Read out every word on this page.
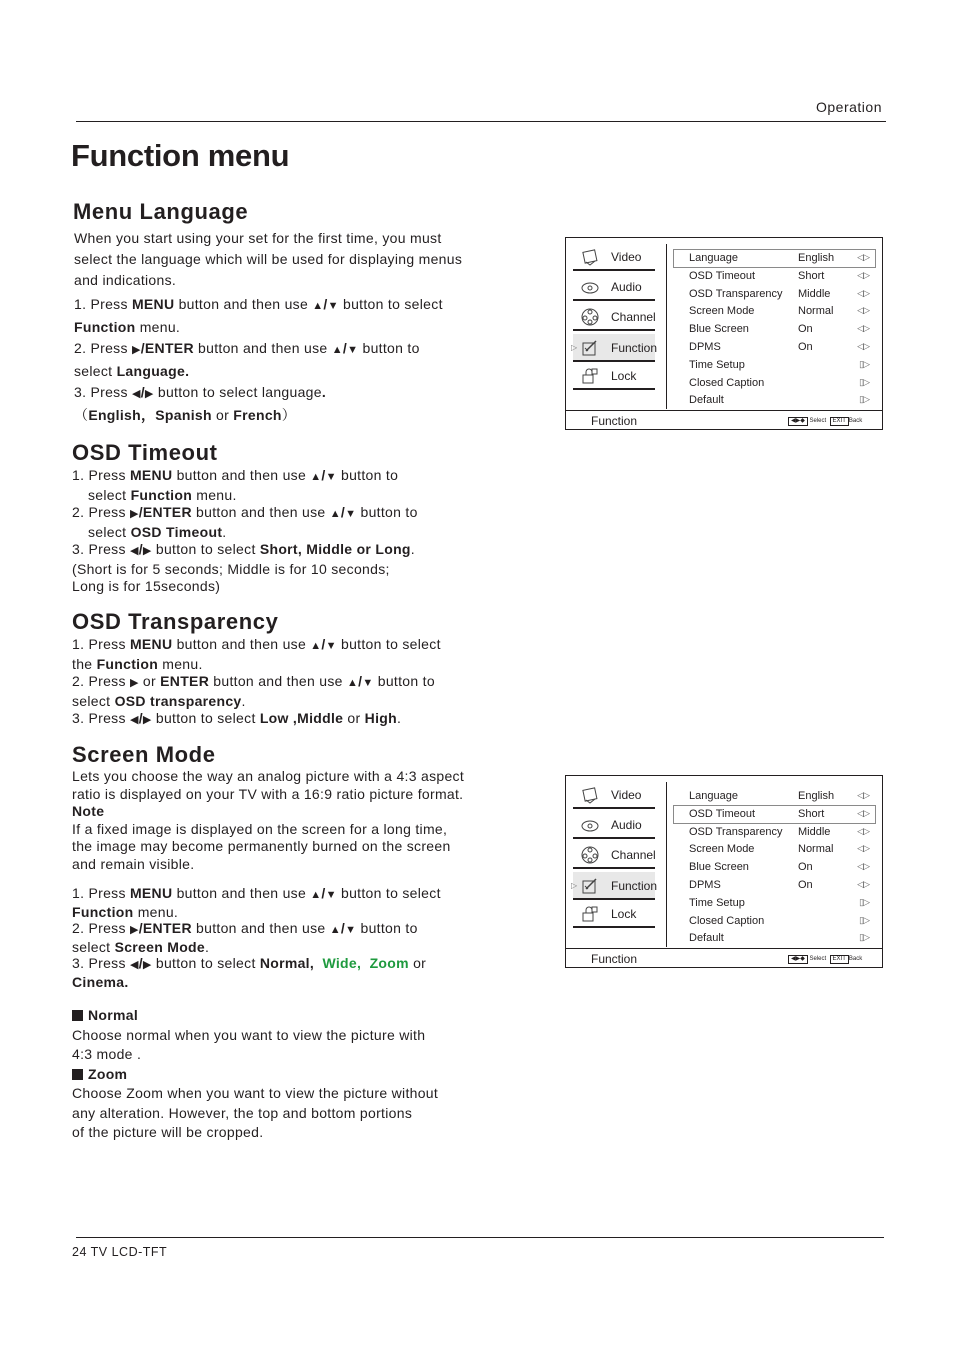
Operation
Function menu
Menu Language

When you start using your set for the first time, you must

select the language which will be used for displaying menus

and indications.

1. Press MENU button and then use ▲/▼ button to select

Function menu.

2. Press ▶/ENTER button and then use ▲/▼ button to

select Language.

3. Press ◀/▶ button to select language.

（English，Spanish or French）

OSD Timeout

1. Press MENU button and then use ▲/▼ button to

select Function menu.

2. Press ▶/ENTER button and then use ▲/▼ button to

select OSD Timeout.

3. Press ◀/▶ button to select Short, Middle or Long.

(Short is for 5 seconds; Middle is for 10 seconds;

Long is for 15seconds)

OSD Transparency

1. Press MENU button and then use ▲/▼ button to select

the Function menu.

2. Press ▶ or ENTER button and then use ▲/▼ button to

select OSD transparency.

3. Press ◀/▶ button to select Low ,Middle or High.

Screen Mode

Lets you choose the way an analog picture with a 4:3 aspect

ratio is displayed on your TV with a 16:9 ratio picture format.

Note

If a fixed image is displayed on the screen for a long time,

the image may become permanently burned on the screen

and remain visible.

1. Press MENU button and then use ▲/▼ button to select

Function menu.

2. Press ▶/ENTER button and then use ▲/▼ button to

select Screen Mode.

3. Press ◀/▶ button to select Normal, Wide, Zoom or

Cinema.

Normal

Choose normal when you want to view the picture with

4:3 mode .

Zoom

Choose Zoom when you want to view the picture without

any alteration. However, the top and bottom portions

of the picture will be cropped.

Video
Audio
Channel
▷	Function
Lock
Language	English	◁▷
OSD Timeout	Short	◁▷
OSD Transparency Middle	◁▷
Screen Mode	Normal	◁▷
Blue Screen	On	◁▷
DPMS	On	◁▷
Time Setup	▯▷
Closed Caption	▯▷
Default	▯▷
Function	◀▶◆ Select  EXIT Back
Video
Audio
Channel
▷	Function
Lock
Language	English	◁▷
OSD Timeout	Short	◁▷
OSD Transparency Middle	◁▷
Screen Mode	Normal	◁▷
Blue Screen	On	◁▷
DPMS	On	◁▷
Time Setup	▯▷
Closed Caption	▯▷
Default	▯▷
Function	◀▶◆ Select  EXIT Back
24 TV LCD-TFT
